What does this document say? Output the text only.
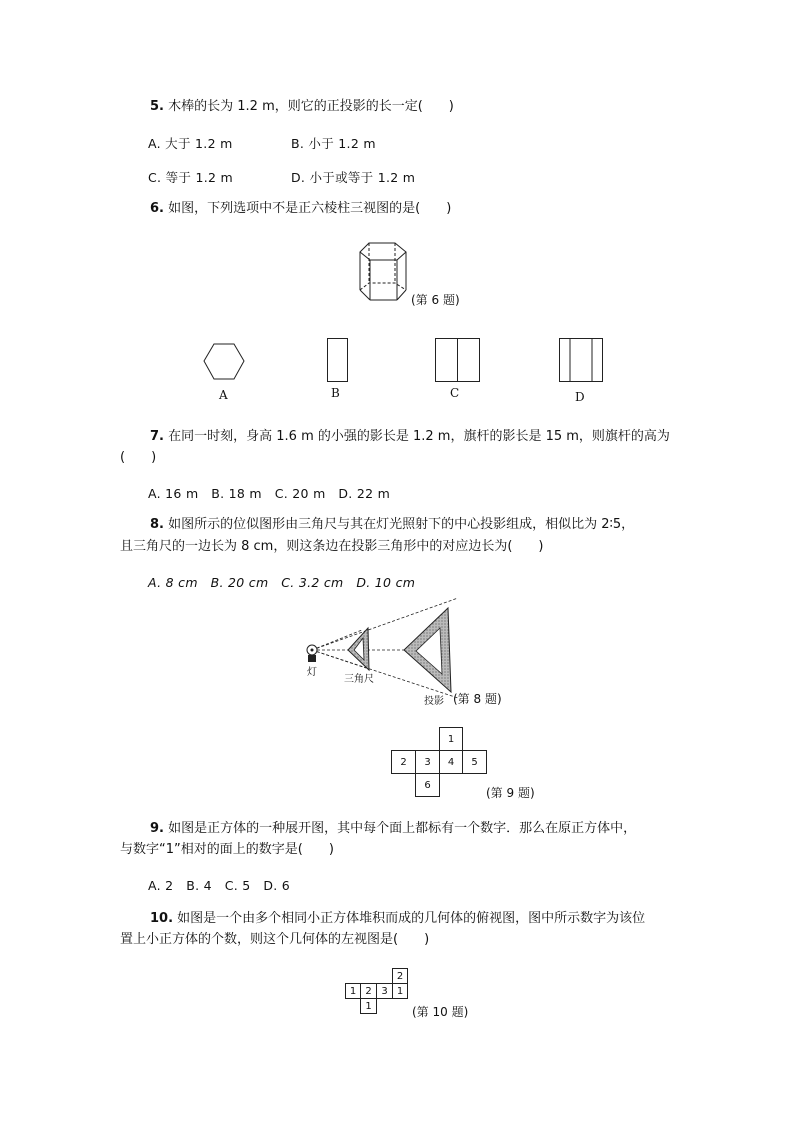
5. 木棒的长为 1.2 m，则它的正投影的长一定(　　)
A. 大于 1.2 m	B. 小于 1.2 m
C. 等于 1.2 m	D. 小于或等于 1.2 m
6. 如图，下列选项中不是正六棱柱三视图的是(　　)
(第 6 题)
A	B	C	D
7. 在同一时刻，身高 1.6 m 的小强的影长是 1.2 m，旗杆的影长是 15 m，则旗杆的高为
(　　)
A. 16 m　B. 18 m　C. 20 m　D. 22 m
8. 如图所示的位似图形由三角尺与其在灯光照射下的中心投影组成，相似比为 2∶5，
且三角尺的一边长为 8 cm，则这条边在投影三角形中的对应边长为(　　)
A. 8 cm　B. 20 cm　C. 3.2 cm　D. 10 cm
灯
三角尺
投影 (第 8 题)
1
2	3	4	5
6
(第 9 题)
9. 如图是正方体的一种展开图，其中每个面上都标有一个数字．那么在原正方体中，
与数字“1”相对的面上的数字是(　　)
A. 2　B. 4　C. 5　D. 6
10. 如图是一个由多个相同小正方体堆积而成的几何体的俯视图，图中所示数字为该位
置上小正方体的个数，则这个几何体的左视图是(　　)
2
1 2 3 1
1	(第 10 题)
